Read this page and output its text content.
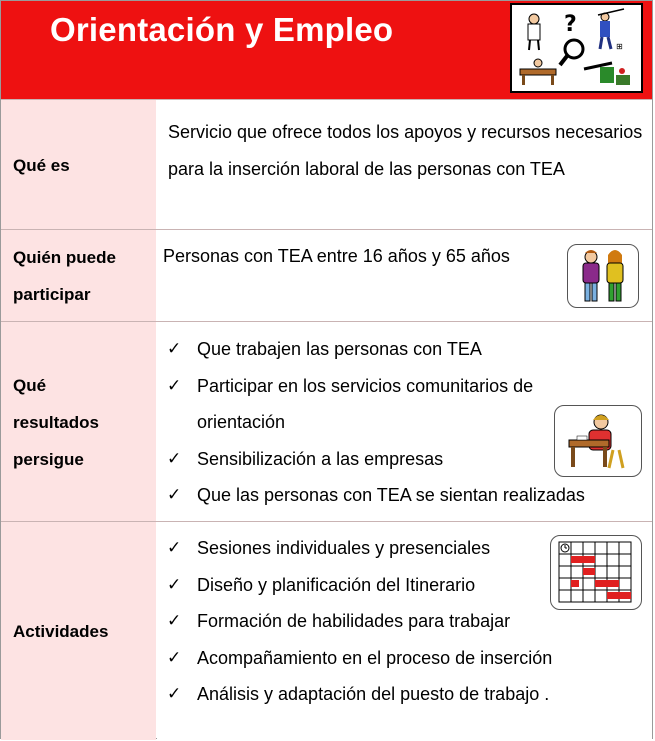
Orientación y Empleo	?
⊞
Qué es
Servicio que ofrece todos los apoyos y recursos necesarios para la inserción laboral de las personas con TEA
Quién puede
participar
Personas con TEA entre 16 años y 65 años
Qué
resultados
persigue
✓ Que trabajen las personas con TEA
✓ Participar en los servicios comunitarios de
orientación
✓ Sensibilización a las empresas
✓ Que las personas con TEA se sientan realizadas
Actividades
✓ Sesiones individuales y presenciales
✓ Diseño y planificación del Itinerario
✓ Formación de habilidades para trabajar
✓ Acompañamiento en el proceso de inserción
✓ Análisis y adaptación del puesto de trabajo .
